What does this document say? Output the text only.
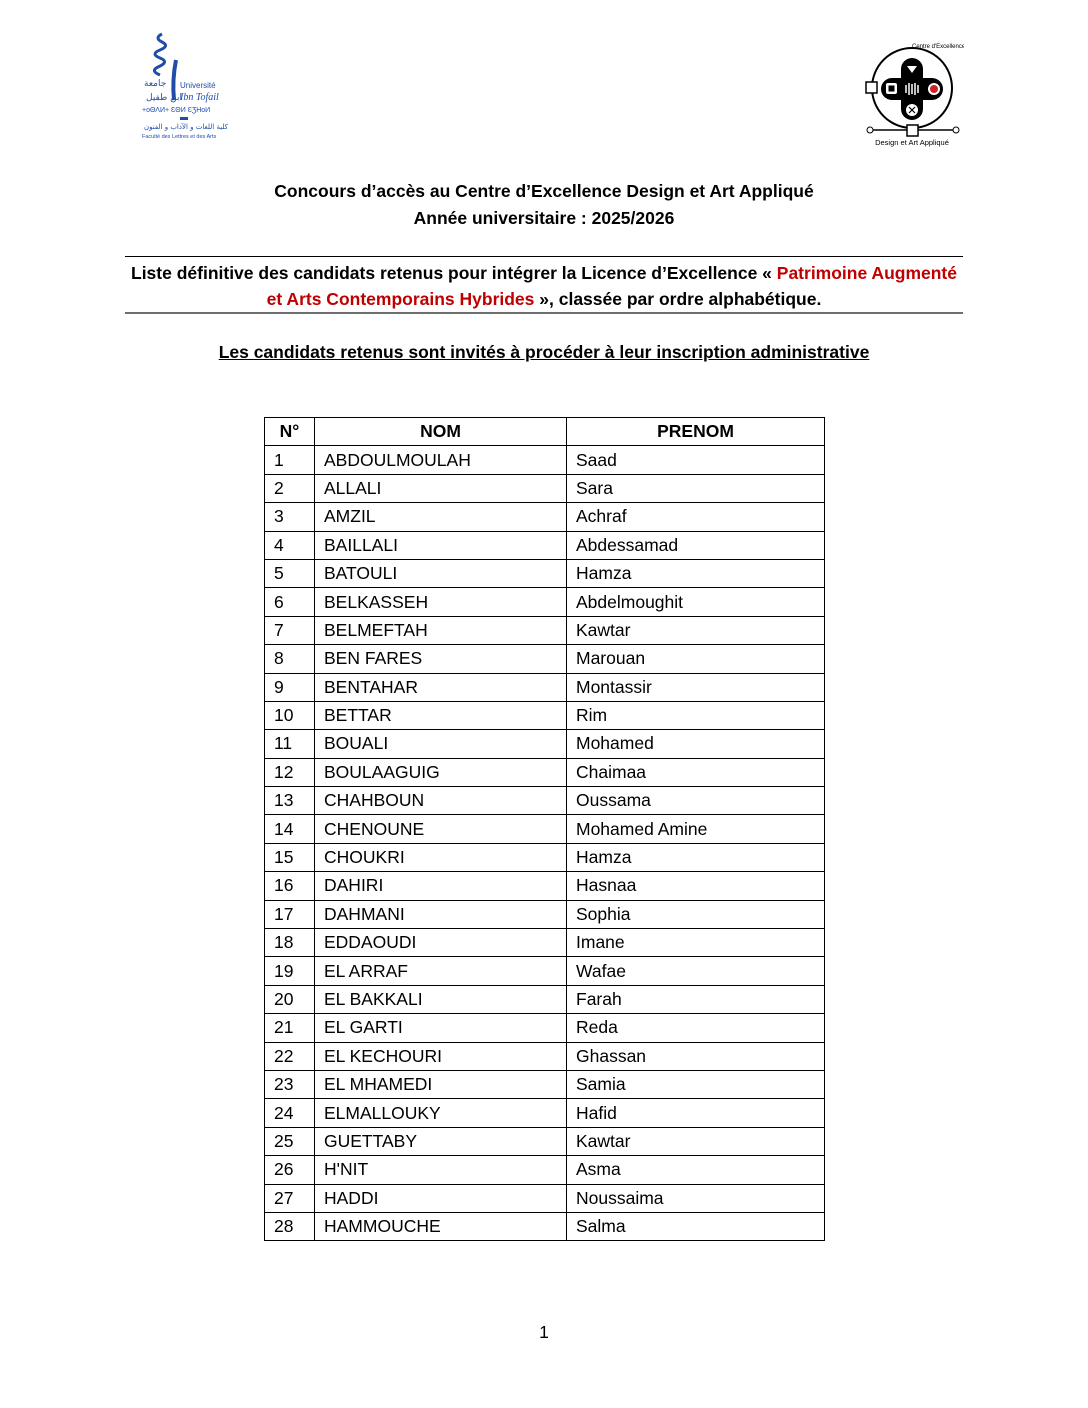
جامعة Université
ابن طفيل
Ibn Tofail
+oΘΛИ+ ƐΘИ ƐƷHoИ
كلية اللغات و الآداب و الفنون
Faculté des Lettres et des Arts
Centre d'Excellence
Design et Art Appliqué
Concours d’accès au Centre d’Excellence Design et Art Appliqué
Année universitaire : 2025/2026
Liste définitive des candidats retenus pour intégrer la Licence d’Excellence « Patrimoine Augmenté et Arts Contemporains Hybrides », classée par ordre alphabétique.
Les candidats retenus sont invités à procéder à leur inscription administrative
N°	NOM	PRENOM
1	ABDOULMOULAH	Saad
2	ALLALI	Sara
3	AMZIL	Achraf
4	BAILLALI	Abdessamad
5	BATOULI	Hamza
6	BELKASSEH	Abdelmoughit
7	BELMEFTAH	Kawtar
8	BEN FARES	Marouan
9	BENTAHAR	Montassir
10	BETTAR	Rim
11	BOUALI	Mohamed
12	BOULAAGUIG	Chaimaa
13	CHAHBOUN	Oussama
14	CHENOUNE	Mohamed Amine
15	CHOUKRI	Hamza
16	DAHIRI	Hasnaa
17	DAHMANI	Sophia
18	EDDAOUDI	Imane
19	EL ARRAF	Wafae
20	EL BAKKALI	Farah
21	EL GARTI	Reda
22	EL KECHOURI	Ghassan
23	EL MHAMEDI	Samia
24	ELMALLOUKY	Hafid
25	GUETTABY	Kawtar
26	H'NIT	Asma
27	HADDI	Noussaima
28	HAMMOUCHE	Salma
1
